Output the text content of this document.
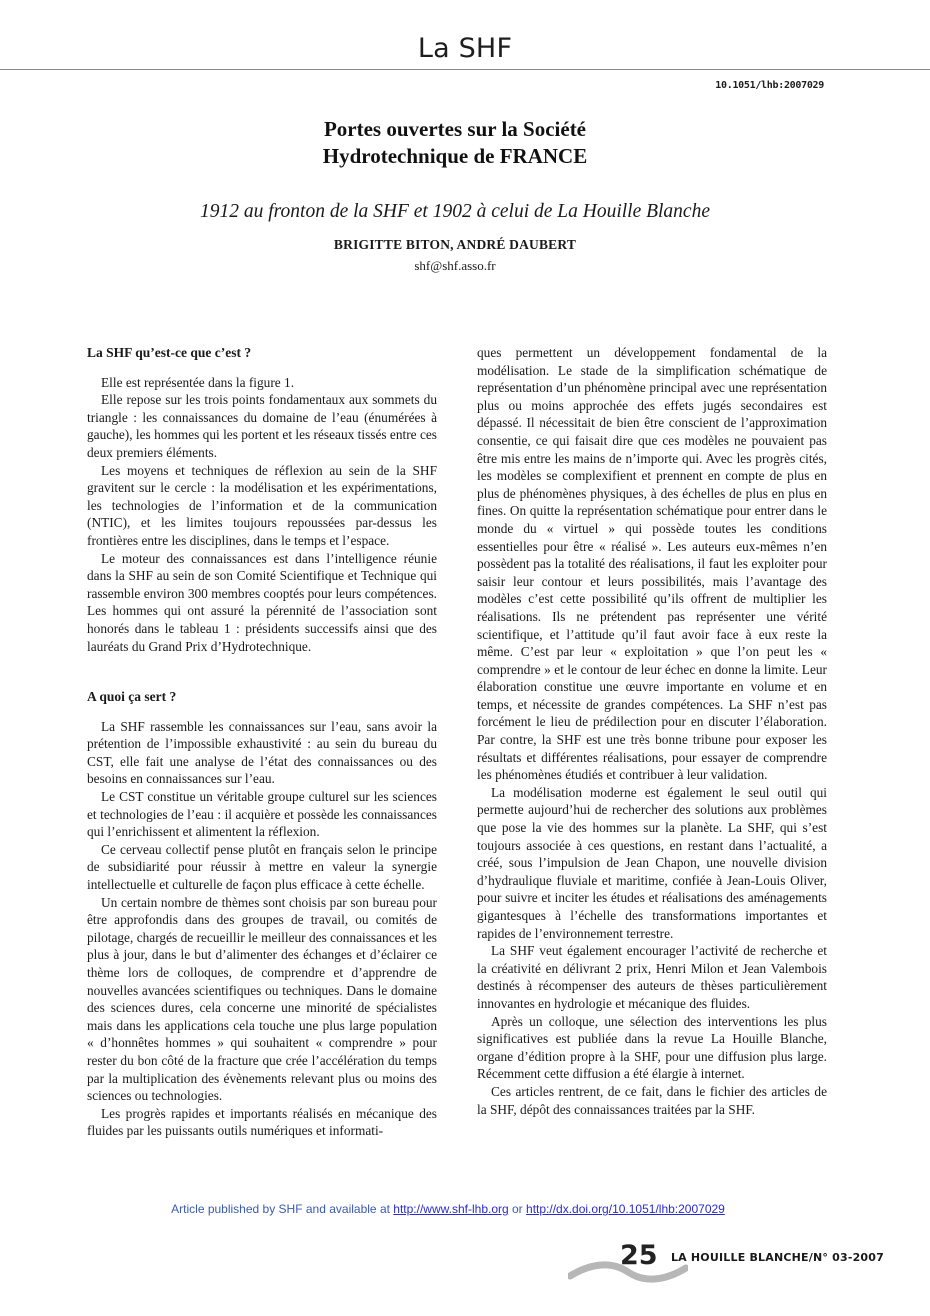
La SHF
10.1051/lhb:2007029
Portes ouvertes sur la Société
Hydrotechnique de FRANCE
1912 au fronton de la SHF et 1902 à celui de La Houille Blanche
BRIGITTE BITON, ANDRÉ DAUBERT
shf@shf.asso.fr
La SHF qu’est-ce que c’est ?

Elle est représentée dans la figure 1.

Elle repose sur les trois points fondamentaux aux sommets du triangle : les connaissances du domaine de l’eau (énumérées à gauche), les hommes qui les portent et les réseaux tissés entre ces deux premiers éléments.

Les moyens et techniques de réflexion au sein de la SHF gravitent sur le cercle : la modélisation et les expérimentations, les technologies de l’information et de la communication (NTIC), et les limites toujours repoussées par-dessus les frontières entre les disciplines, dans le temps et l’espace.

Le moteur des connaissances est dans l’intelligence réunie dans la SHF au sein de son Comité Scientifique et Technique qui rassemble environ 300 membres cooptés pour leurs compétences. Les hommes qui ont assuré la pérennité de l’association sont honorés dans le tableau 1 : présidents successifs ainsi que des lauréats du Grand Prix d’Hydrotechnique.

A quoi ça sert ?

La SHF rassemble les connaissances sur l’eau, sans avoir la prétention de l’impossible exhaustivité : au sein du bureau du CST, elle fait une analyse de l’état des connaissances ou des besoins en connaissances sur l’eau.

Le CST constitue un véritable groupe culturel sur les sciences et technologies de l’eau : il acquière et possède les connaissances qui l’enrichissent et alimentent la réflexion.

Ce cerveau collectif pense plutôt en français selon le principe de subsidiarité pour réussir à mettre en valeur la synergie intellectuelle et culturelle de façon plus efficace à cette échelle.

Un certain nombre de thèmes sont choisis par son bureau pour être approfondis dans des groupes de travail, ou comités de pilotage, chargés de recueillir le meilleur des connaissances et les plus à jour, dans le but d’alimenter des échanges et d’éclairer ce thème lors de colloques, de comprendre et d’apprendre de nouvelles avancées scientifiques ou techniques. Dans le domaine des sciences dures, cela concerne une minorité de spécialistes mais dans les applications cela touche une plus large population « d’honnêtes hommes » qui souhaitent « comprendre » pour rester du bon côté de la fracture que crée l’accélération du temps par la multiplication des évènements relevant plus ou moins des sciences ou technologies.

Les progrès rapides et importants réalisés en mécanique des fluides par les puissants outils numériques et informati-

ques permettent un développement fondamental de la modélisation. Le stade de la simplification schématique de représentation d’un phénomène principal avec une représentation plus ou moins approchée des effets jugés secondaires est dépassé. Il nécessitait de bien être conscient de l’approximation consentie, ce qui faisait dire que ces modèles ne pouvaient pas être mis entre les mains de n’importe qui. Avec les progrès cités, les modèles se complexifient et prennent en compte de plus en plus de phénomènes physiques, à des échelles de plus en plus en fines. On quitte la représentation schématique pour entrer dans le monde du « virtuel » qui possède toutes les conditions essentielles pour être « réalisé ». Les auteurs eux-mêmes n’en possèdent pas la totalité des réalisations, il faut les exploiter pour saisir leur contour et leurs possibilités, mais l’avantage des modèles c’est cette possibilité qu’ils offrent de multiplier les réalisations. Ils ne prétendent pas représenter une vérité scientifique, et l’attitude qu’il faut avoir face à eux reste la même. C’est par leur « exploitation » que l’on peut les « comprendre » et le contour de leur échec en donne la limite. Leur élaboration constitue une œuvre importante en volume et en temps, et nécessite de grandes compétences. La SHF n’est pas forcément le lieu de prédilection pour en discuter l’élaboration. Par contre, la SHF est une très bonne tribune pour exposer les résultats et différentes réalisations, pour essayer de comprendre les phénomènes étudiés et contribuer à leur validation.

La modélisation moderne est également le seul outil qui permette aujourd’hui de rechercher des solutions aux problèmes que pose la vie des hommes sur la planète. La SHF, qui s’est toujours associée à ces questions, en restant dans l’actualité, a créé, sous l’impulsion de Jean Chapon, une nouvelle division d’hydraulique fluviale et maritime, confiée à Jean-Louis Oliver, pour suivre et inciter les études et réalisations des aménagements gigantesques à l’échelle des transformations importantes et rapides de l’environnement terrestre.

La SHF veut également encourager l’activité de recherche et la créativité en délivrant 2 prix, Henri Milon et Jean Valembois destinés à récompenser des auteurs de thèses particulièrement innovantes en hydrologie et mécanique des fluides.

Après un colloque, une sélection des interventions les plus significatives est publiée dans la revue La Houille Blanche, organe d’édition propre à la SHF, pour une diffusion plus large. Récemment cette diffusion a été élargie à internet.

Ces articles rentrent, de ce fait, dans le fichier des articles de la SHF, dépôt des connaissances traitées par la SHF.

Article published by SHF and available at http://www.shf-lhb.org or http://dx.doi.org/10.1051/lhb:2007029
25 LA HOUILLE BLANCHE/N° 03-2007
